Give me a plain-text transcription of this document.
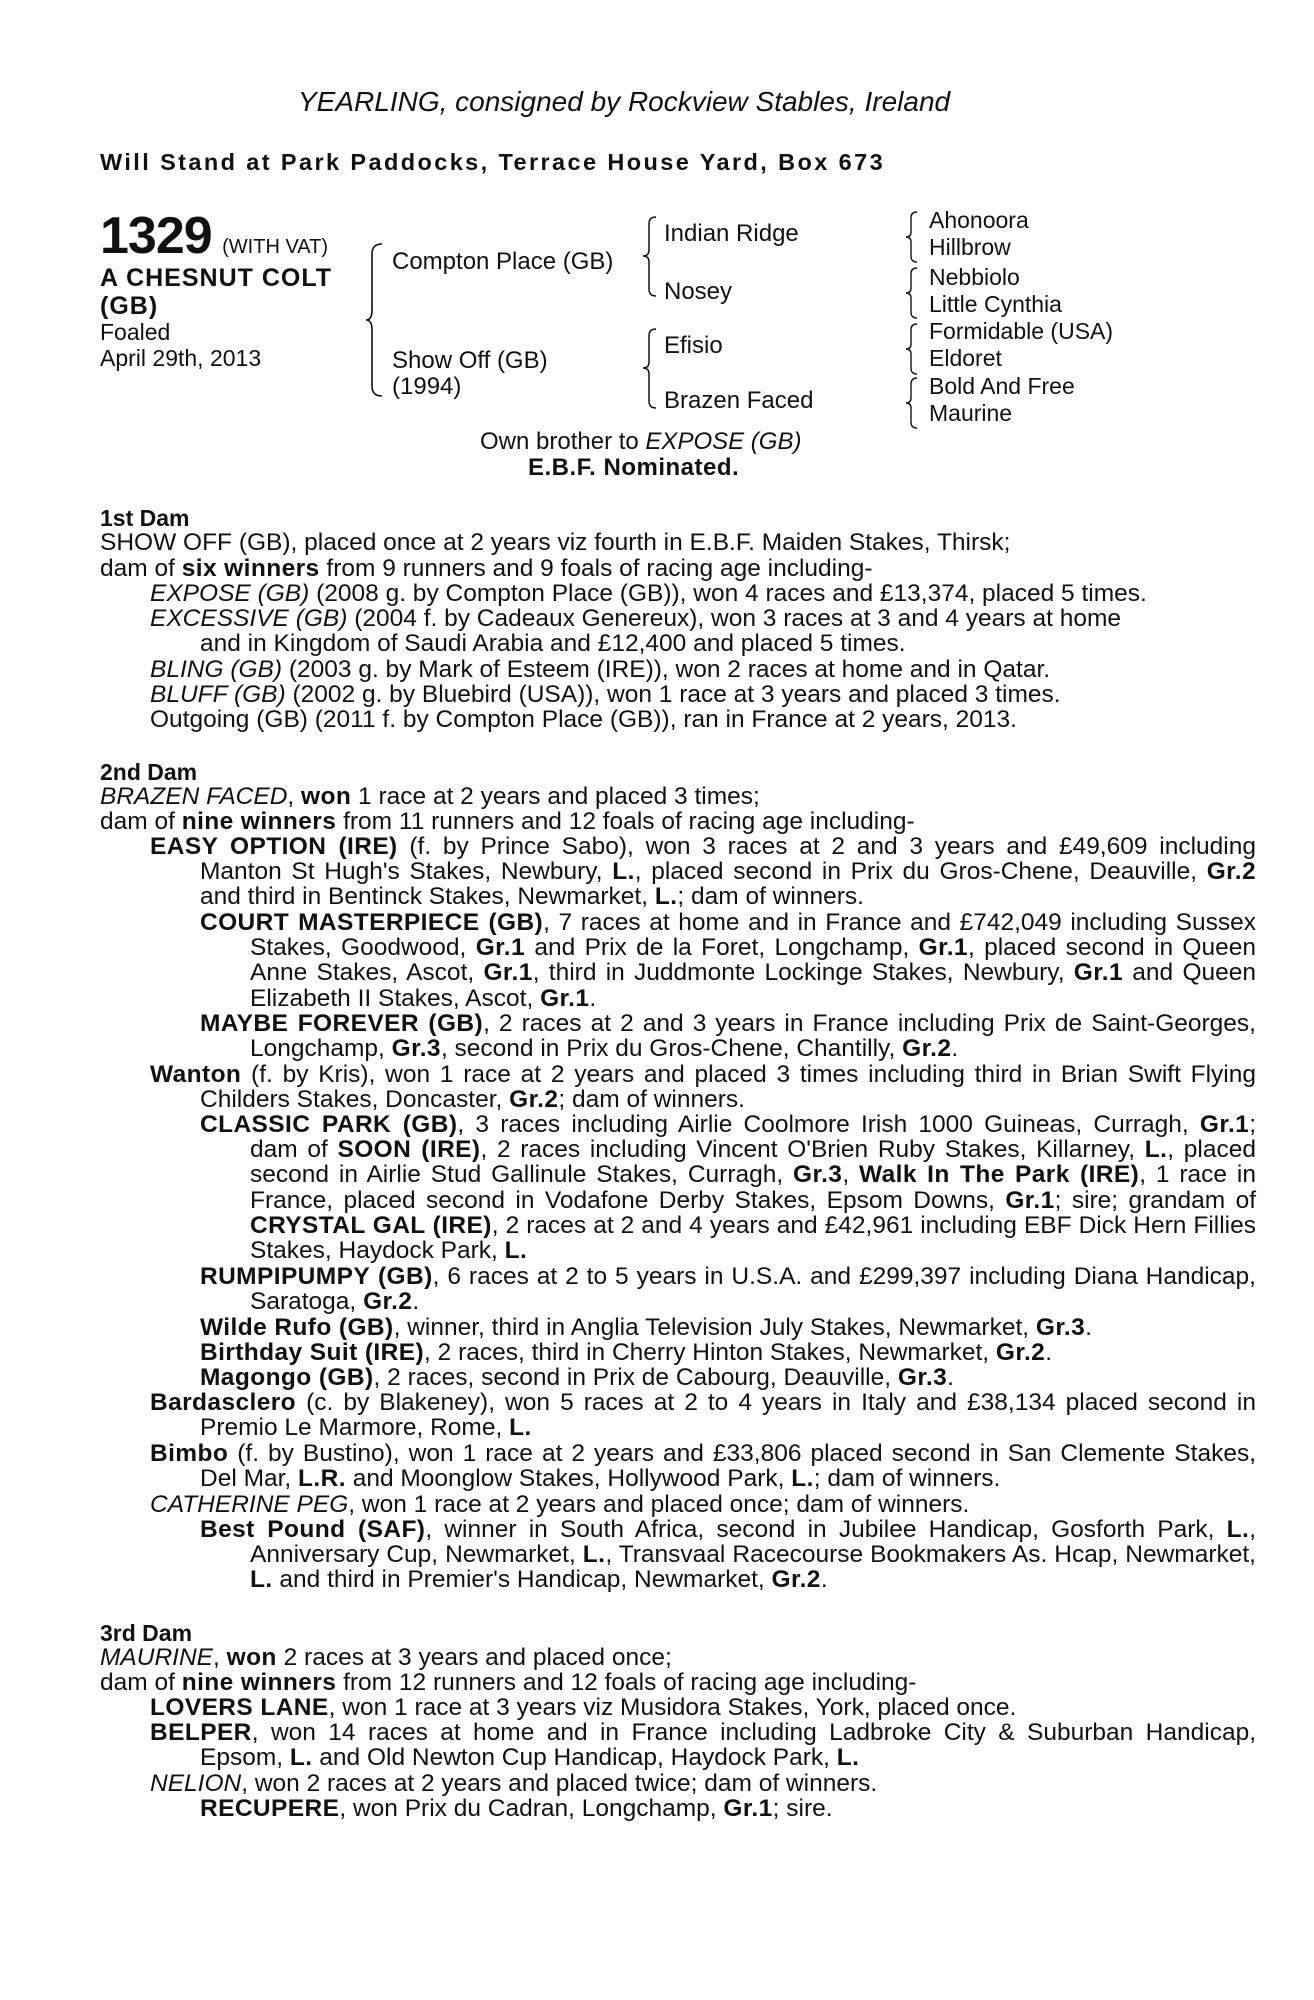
YEARLING, consigned by Rockview Stables, Ireland
Will Stand at Park Paddocks, Terrace House Yard, Box 673
1329 (WITH VAT)
A CHESNUT COLT
(GB)
Foaled
April 29th, 2013
Compton Place (GB)
Show Off (GB)
(1994)
Indian Ridge
Nosey
Efisio
Brazen Faced
Ahonoora
Hillbrow
Nebbiolo
Little Cynthia
Formidable (USA)
Eldoret
Bold And Free
Maurine
Own brother to EXPOSE (GB)
E.B.F. Nominated.
1st Dam
SHOW OFF (GB), placed once at 2 years viz fourth in E.B.F. Maiden Stakes, Thirsk;
dam of six winners from 9 runners and 9 foals of racing age including-
EXPOSE (GB) (2008 g. by Compton Place (GB)), won 4 races and £13,374, placed 5 times.
EXCESSIVE (GB) (2004 f. by Cadeaux Genereux), won 3 races at 3 and 4 years at home
and in Kingdom of Saudi Arabia and £12,400 and placed 5 times.
BLING (GB) (2003 g. by Mark of Esteem (IRE)), won 2 races at home and in Qatar.
BLUFF (GB) (2002 g. by Bluebird (USA)), won 1 race at 3 years and placed 3 times.
Outgoing (GB) (2011 f. by Compton Place (GB)), ran in France at 2 years, 2013.
2nd Dam
BRAZEN FACED, won 1 race at 2 years and placed 3 times;
dam of nine winners from 11 runners and 12 foals of racing age including-
EASY OPTION (IRE) (f. by Prince Sabo), won 3 races at 2 and 3 years and £49,609 including Manton St Hugh's Stakes, Newbury, L., placed second in Prix du Gros-Chene, Deauville, Gr.2 and third in Bentinck Stakes, Newmarket, L.; dam of winners.
COURT MASTERPIECE (GB), 7 races at home and in France and £742,049 including Sussex Stakes, Goodwood, Gr.1 and Prix de la Foret, Longchamp, Gr.1, placed second in Queen Anne Stakes, Ascot, Gr.1, third in Juddmonte Lockinge Stakes, Newbury, Gr.1 and Queen Elizabeth II Stakes, Ascot, Gr.1.
MAYBE FOREVER (GB), 2 races at 2 and 3 years in France including Prix de Saint-Georges, Longchamp, Gr.3, second in Prix du Gros-Chene, Chantilly, Gr.2.
Wanton (f. by Kris), won 1 race at 2 years and placed 3 times including third in Brian Swift Flying Childers Stakes, Doncaster, Gr.2; dam of winners.
CLASSIC PARK (GB), 3 races including Airlie Coolmore Irish 1000 Guineas, Curragh, Gr.1; dam of SOON (IRE), 2 races including Vincent O'Brien Ruby Stakes, Killarney, L., placed second in Airlie Stud Gallinule Stakes, Curragh, Gr.3, Walk In The Park (IRE), 1 race in France, placed second in Vodafone Derby Stakes, Epsom Downs, Gr.1; sire; grandam of CRYSTAL GAL (IRE), 2 races at 2 and 4 years and £42,961 including EBF Dick Hern Fillies Stakes, Haydock Park, L.
RUMPIPUMPY (GB), 6 races at 2 to 5 years in U.S.A. and £299,397 including Diana Handicap, Saratoga, Gr.2.
Wilde Rufo (GB), winner, third in Anglia Television July Stakes, Newmarket, Gr.3.
Birthday Suit (IRE), 2 races, third in Cherry Hinton Stakes, Newmarket, Gr.2.
Magongo (GB), 2 races, second in Prix de Cabourg, Deauville, Gr.3.
Bardasclero (c. by Blakeney), won 5 races at 2 to 4 years in Italy and £38,134 placed second in Premio Le Marmore, Rome, L.
Bimbo (f. by Bustino), won 1 race at 2 years and £33,806 placed second in San Clemente Stakes, Del Mar, L.R. and Moonglow Stakes, Hollywood Park, L.; dam of winners.
CATHERINE PEG, won 1 race at 2 years and placed once; dam of winners.
Best Pound (SAF), winner in South Africa, second in Jubilee Handicap, Gosforth Park, L., Anniversary Cup, Newmarket, L., Transvaal Racecourse Bookmakers As. Hcap, Newmarket, L. and third in Premier's Handicap, Newmarket, Gr.2.
3rd Dam
MAURINE, won 2 races at 3 years and placed once;
dam of nine winners from 12 runners and 12 foals of racing age including-
LOVERS LANE, won 1 race at 3 years viz Musidora Stakes, York, placed once.
BELPER, won 14 races at home and in France including Ladbroke City & Suburban Handicap, Epsom, L. and Old Newton Cup Handicap, Haydock Park, L.
NELION, won 2 races at 2 years and placed twice; dam of winners.
RECUPERE, won Prix du Cadran, Longchamp, Gr.1; sire.
